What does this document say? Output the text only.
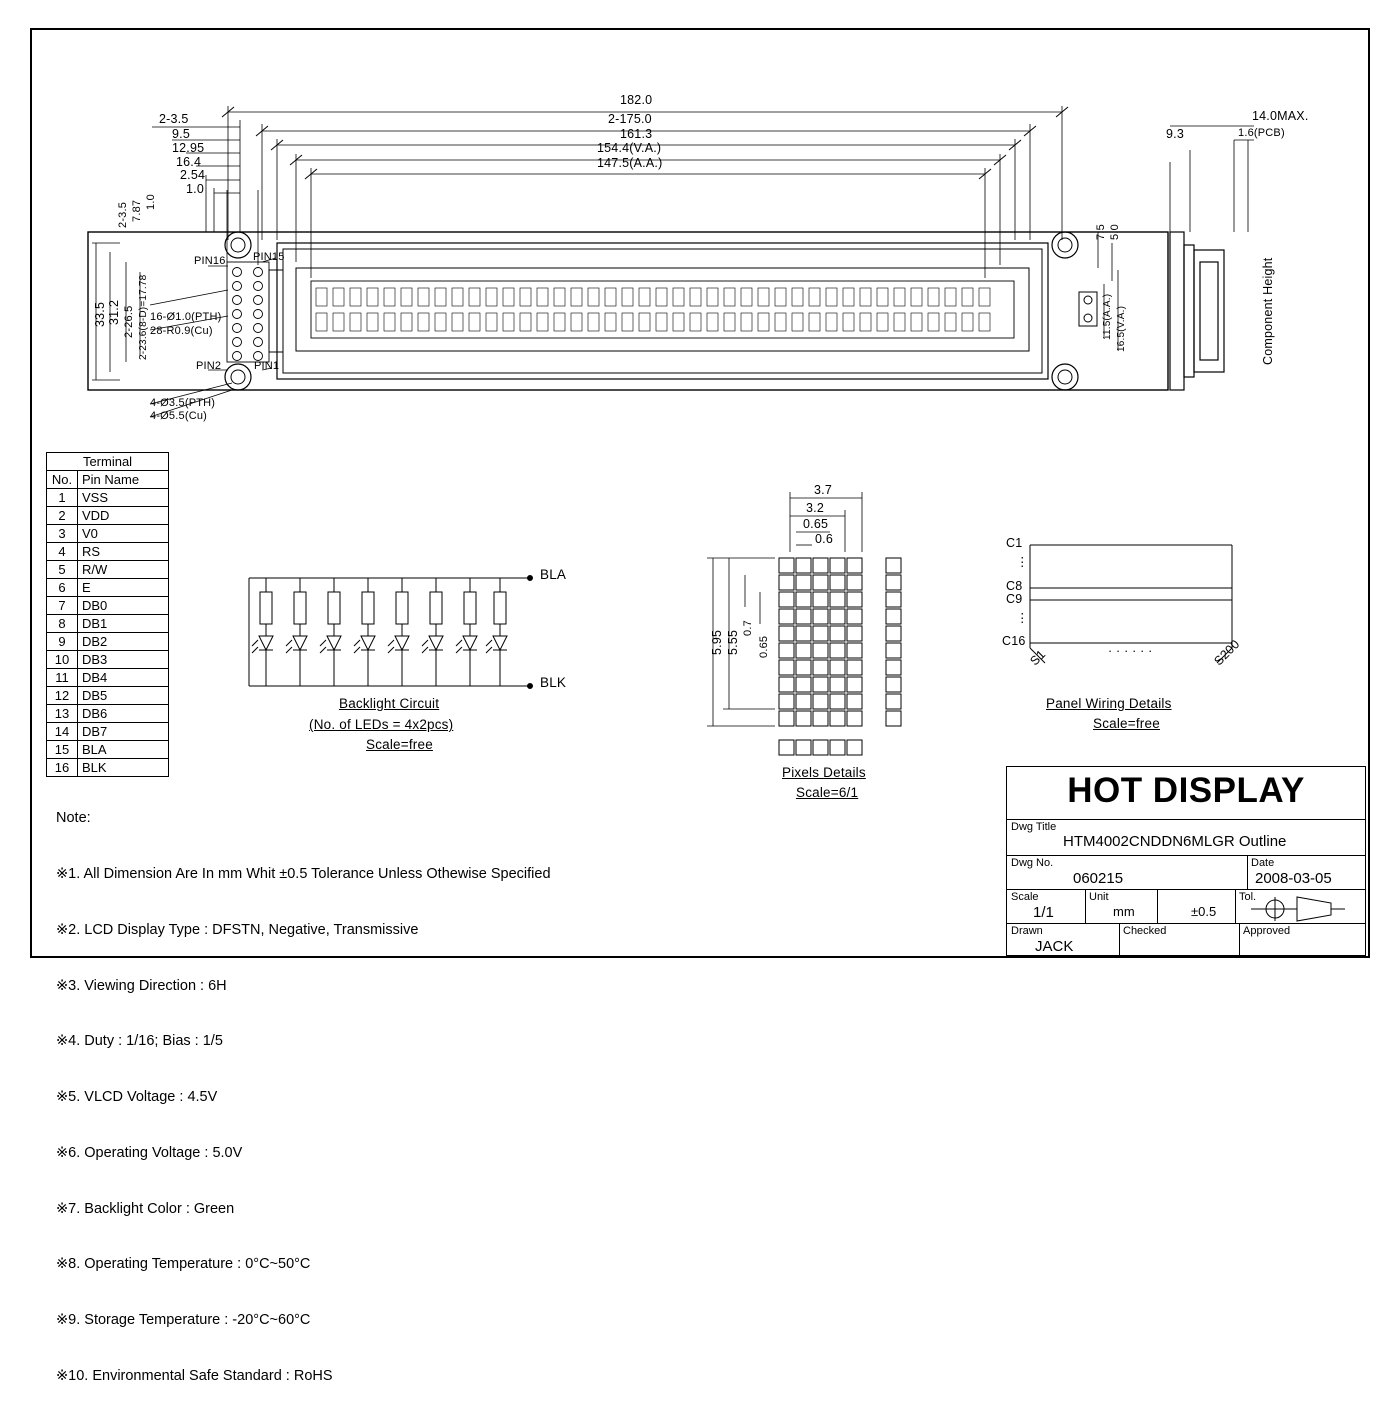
182.0
2-175.0
161.3
154.4(V.A.)
147.5(A.A.)
2-3.5
9.5
12.95
16.4
2.54
1.0
2-3.5 7.87 1.0
33.5 31.2 2-26.5 2-23.6(8-D)=17.78 16-Ø1.0(PTH)
28-R0.9(Cu)
4-Ø3.5(PTH)
4-Ø5.5(Cu)
PIN16 PIN15
PIN2	PIN1
7.5 5.0
11.5(A.A.) 16.5(V.A.)
14.0MAX.
1.6(PCB)
9.3
Component Height
Terminal	
No.	Pin Name
1	VSS
2	VDD
3	V0
4	RS
5	R/W
6	E
7	DB0
8	DB1
9	DB2
10	DB3
11	DB4
12	DB5
13	DB6
14	DB7
15	BLA
16	BLK
BLA
BLK
Backlight Circuit
(No. of LEDs = 4x2pcs)
Scale=free
3.7
3.2
0.65
0.6
5.95 5.55
0.7
0.65
Pixels Details
Scale=6/1
C1
⋮
C8
C9
⋮
C16
S1	· · · · · ·	S200
Panel Wiring Details
Scale=free

Note:

※1. All Dimension Are In mm Whit ±0.5 Tolerance Unless Othewise Specified

※2. LCD Display Type : DFSTN, Negative, Transmissive

※3. Viewing Direction : 6H

※4. Duty : 1/16; Bias : 1/5

※5. VLCD Voltage : 4.5V

※6. Operating Voltage : 5.0V

※7. Backlight Color : Green

※8. Operating Temperature : 0°C~50°C

※9. Storage Temperature : -20°C~60°C

※10. Environmental Safe Standard : RoHS

HOT DISPLAY
Dwg Title
HTM4002CNDDN6MLGR Outline
Dwg No.
060215
Date
2008-03-05
Scale
1/1
Unit
mm
Tol.
±0.5
Drawn
JACK
Checked	Approved
